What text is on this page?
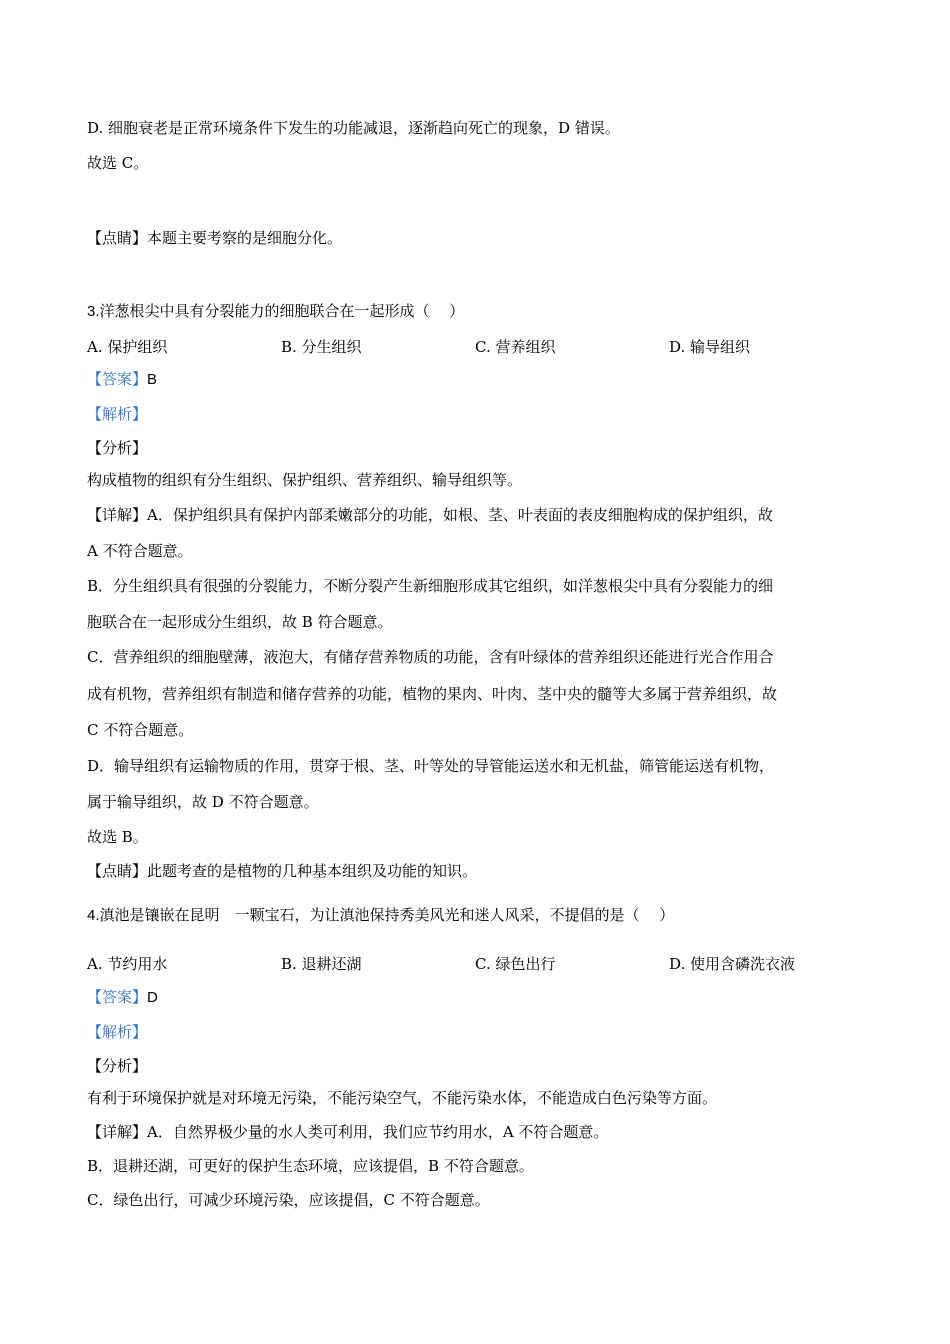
D. 细胞衰老是正常环境条件下发生的功能减退，逐渐趋向死亡的现象，D 错误。
故选 C。
【点睛】本题主要考察的是细胞分化。
3.洋葱根尖中具有分裂能力的细胞联合在一起形成（　 ）
A. 保护组织	B. 分生组织	C. 营养组织	D. 输导组织
【答案】B
【解析】
【分析】
构成植物的组织有分生组织、保护组织、营养组织、输导组织等。
【详解】A．保护组织具有保护内部柔嫩部分的功能，如根、茎、叶表面的表皮细胞构成的保护组织，故
A 不符合题意。
B．分生组织具有很强的分裂能力，不断分裂产生新细胞形成其它组织，如洋葱根尖中具有分裂能力的细
胞联合在一起形成分生组织，故 B 符合题意。
C．营养组织的细胞壁薄，液泡大，有储存营养物质的功能，含有叶绿体的营养组织还能进行光合作用合
成有机物，营养组织有制造和储存营养的功能，植物的果肉、叶肉、茎中央的髓等大多属于营养组织，故
C 不符合题意。
D．输导组织有运输物质的作用，贯穿于根、茎、叶等处的导管能运送水和无机盐，筛管能运送有机物，
属于输导组织，故 D 不符合题意。
故选 B。
【点睛】此题考查的是植物的几种基本组织及功能的知识。
4.滇池是镶嵌在昆明　一颗宝石，为让滇池保持秀美风光和迷人风采，不提倡的是（　 ）
A. 节约用水	B. 退耕还湖	C. 绿色出行	D. 使用含磷洗衣液
【答案】D
【解析】
【分析】
有利于环境保护就是对环境无污染，不能污染空气，不能污染水体，不能造成白色污染等方面。
【详解】A．自然界极少量的水人类可利用，我们应节约用水，A 不符合题意。
B．退耕还湖，可更好的保护生态环境，应该提倡，B 不符合题意。
C．绿色出行，可减少环境污染，应该提倡，C 不符合题意。
